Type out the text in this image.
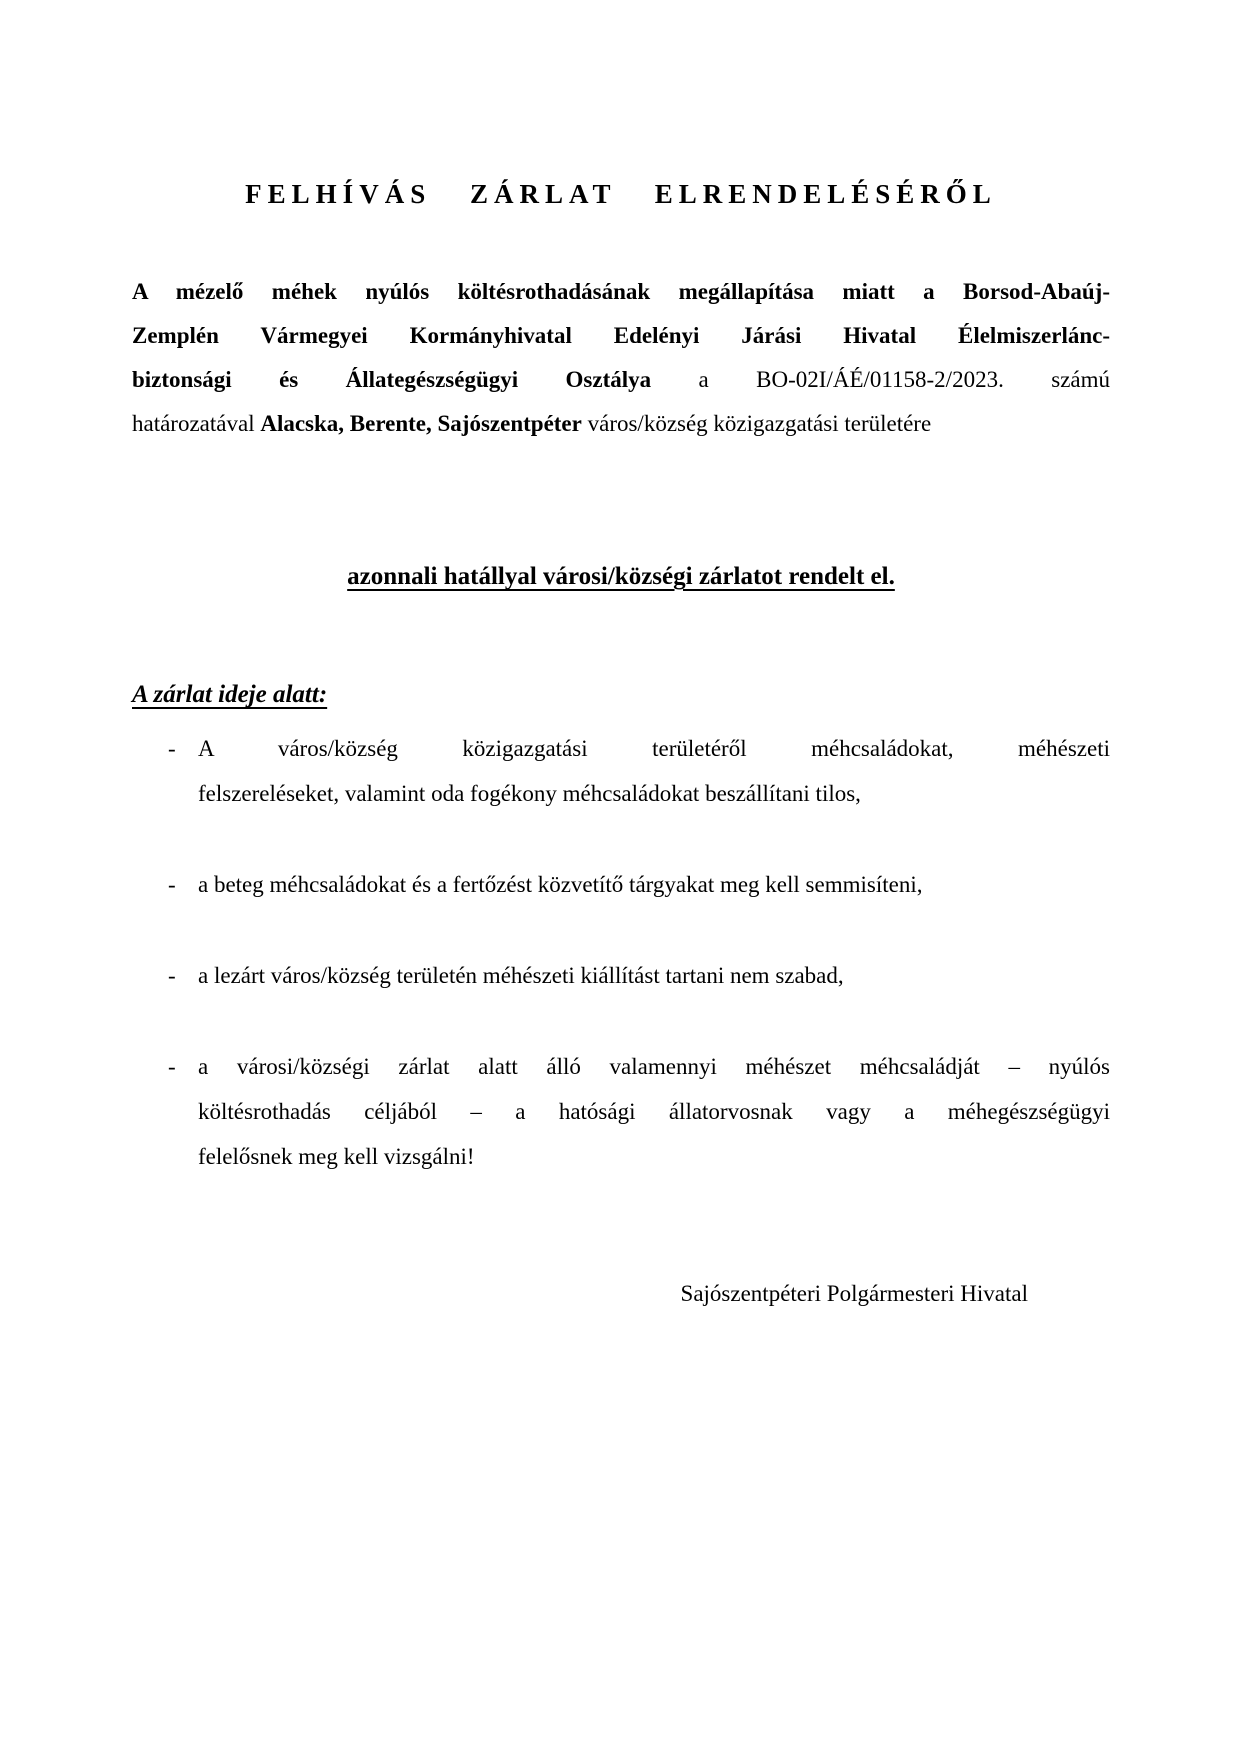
FELHÍVÁS ZÁRLAT ELRENDELÉSÉRŐL
A mézelő méhek nyúlós költésrothadásának megállapítása miatt a Borsod-Abaúj-
Zemplén Vármegyei Kormányhivatal Edelényi Járási Hivatal Élelmiszerlánc-
biztonsági és Állategészségügyi Osztálya a BO-02I/ÁÉ/01158-2/2023. számú
határozatával Alacska, Berente, Sajószentpéter város/község közigazgatási területére
azonnali hatállyal városi/községi zárlatot rendelt el.
A zárlat ideje alatt:
- A város/község közigazgatási területéről méhcsaládokat, méhészeti
felszereléseket, valamint oda fogékony méhcsaládokat beszállítani tilos,
- a beteg méhcsaládokat és a fertőzést közvetítő tárgyakat meg kell semmisíteni,
- a lezárt város/község területén méhészeti kiállítást tartani nem szabad,
- a városi/községi zárlat alatt álló valamennyi méhészet méhcsaládját – nyúlós
költésrothadás céljából – a hatósági állatorvosnak vagy a méhegészségügyi
felelősnek meg kell vizsgálni!
Sajószentpéteri Polgármesteri Hivatal
